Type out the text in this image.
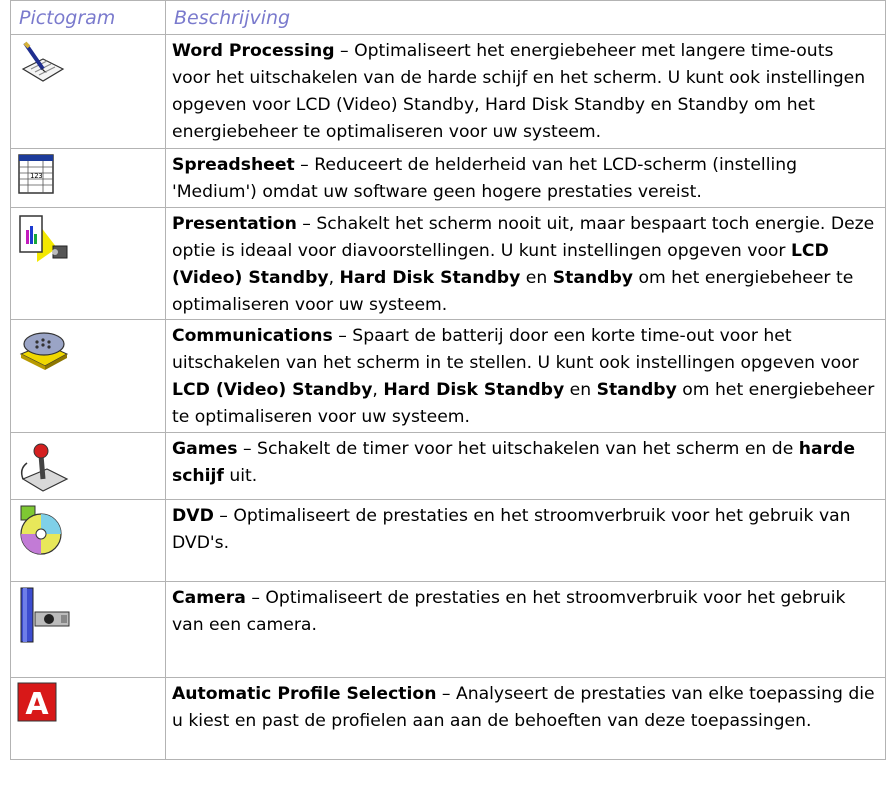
Pictogram	Beschrijving

	Word Processing – Optimaliseert het energiebeheer met langere time-outs voor het uitschakelen van de harde schijf en het scherm. U kunt ook instellingen opgeven voor LCD (Video) Standby, Hard Disk Standby en Standby om het energiebeheer te optimaliseren voor uw systeem.

123	Spreadsheet – Reduceert de helderheid van het LCD-scherm (instelling 'Medium') omdat uw software geen hogere prestaties vereist.

	Presentation – Schakelt het scherm nooit uit, maar bespaart toch energie. Deze optie is ideaal voor diavoorstellingen. U kunt instellingen opgeven voor LCD (Video) Standby, Hard Disk Standby en Standby om het energiebeheer te optimaliseren voor uw systeem.

	Communications – Spaart de batterij door een korte time-out voor het uitschakelen van het scherm in te stellen. U kunt ook instellingen opgeven voor LCD (Video) Standby, Hard Disk Standby en Standby om het energiebeheer te optimaliseren voor uw systeem.

	Games – Schakelt de timer voor het uitschakelen van het scherm en de harde schijf uit.

	DVD – Optimaliseert de prestaties en het stroomverbruik voor het gebruik van DVD's.

	Camera – Optimaliseert de prestaties en het stroomverbruik voor het gebruik van een camera.

A	Automatic Profile Selection – Analyseert de prestaties van elke toepassing die u kiest en past de profielen aan aan de behoeften van deze toepassingen.
